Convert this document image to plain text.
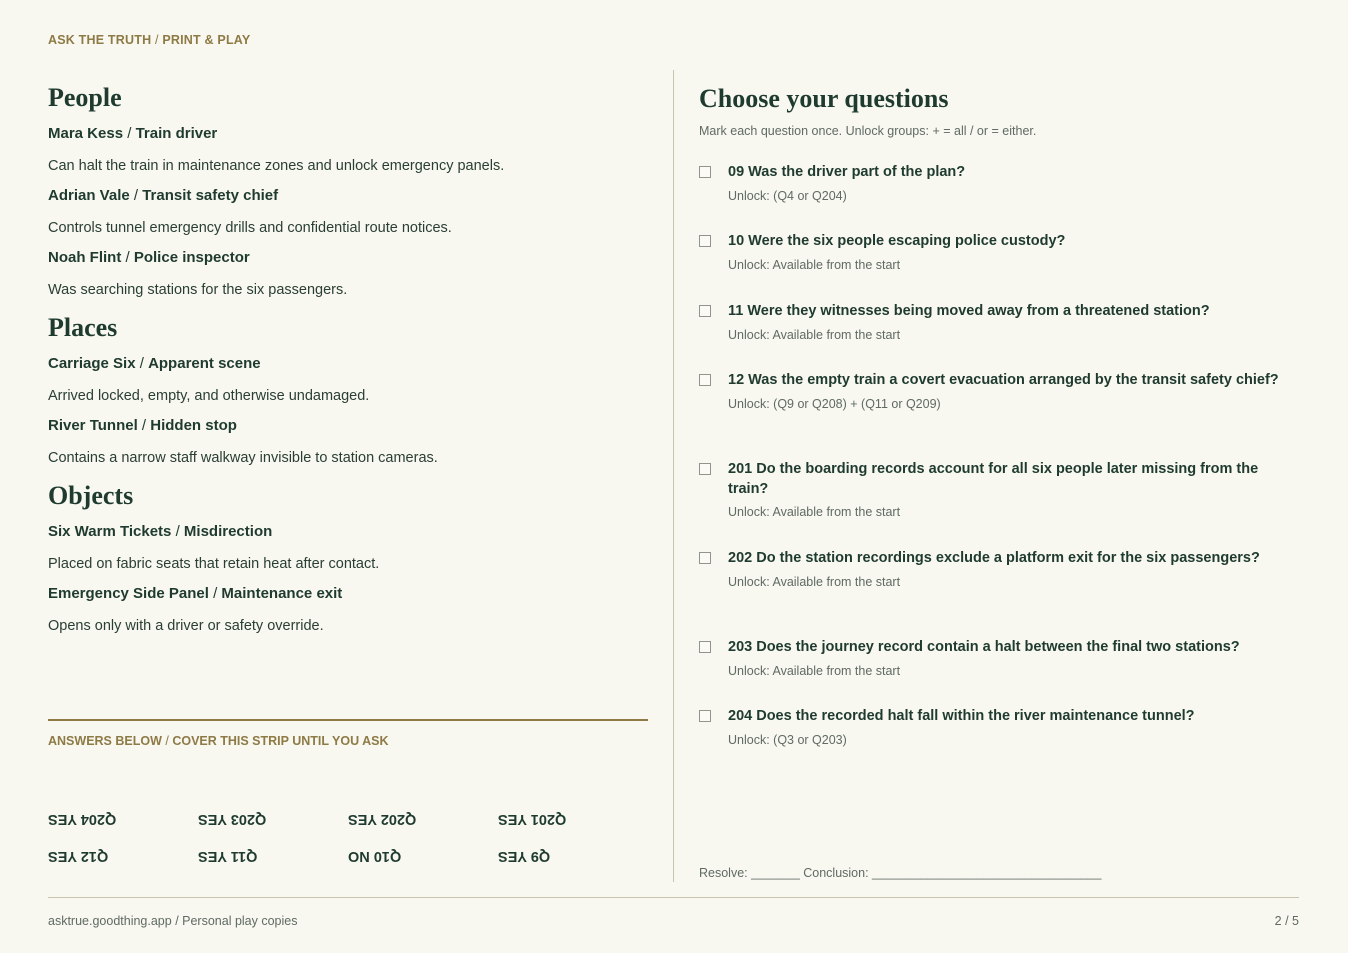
ASK THE TRUTH / PRINT & PLAY
People

Mara Kess / Train driver

Can halt the train in maintenance zones and unlock emergency panels.

Adrian Vale / Transit safety chief

Controls tunnel emergency drills and confidential route notices.

Noah Flint / Police inspector

Was searching stations for the six passengers.

Places

Carriage Six / Apparent scene

Arrived locked, empty, and otherwise undamaged.

River Tunnel / Hidden stop

Contains a narrow staff walkway invisible to station cameras.

Objects

Six Warm Tickets / Misdirection

Placed on fabric seats that retain heat after contact.

Emergency Side Panel / Maintenance exit

Opens only with a driver or safety override.

ANSWERS BELOW / COVER THIS STRIP UNTIL YOU ASK
Q204 YES	Q203 YES	Q202 YES	Q201 YES
Q12 YES	Q11 YES	Q10 NO	Q9 YES
Choose your questions
Mark each question once. Unlock groups: + = all / or = either.
09 Was the driver part of the plan?
Unlock: (Q4 or Q204)
10 Were the six people escaping police custody?
Unlock: Available from the start
11 Were they witnesses being moved away from a threatened station?
Unlock: Available from the start
12 Was the empty train a covert evacuation arranged by the transit safety chief?
Unlock: (Q9 or Q208) + (Q11 or Q209)
201 Do the boarding records account for all six people later missing from the train?
Unlock: Available from the start
202 Do the station recordings exclude a platform exit for the six passengers?
Unlock: Available from the start
203 Does the journey record contain a halt between the final two stations?
Unlock: Available from the start
204 Does the recorded halt fall within the river maintenance tunnel?
Unlock: (Q3 or Q203)
Resolve: _______ Conclusion: _________________________________
asktrue.goodthing.app / Personal play copies	2 / 5
